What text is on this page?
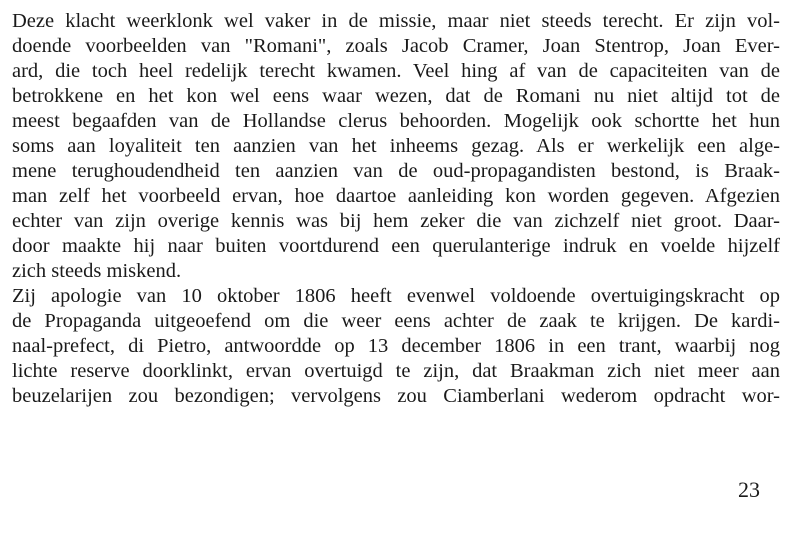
Deze klacht weerklonk wel vaker in de missie, maar niet steeds terecht. Er zijn vol-
doende voorbeelden van "Romani", zoals Jacob Cramer, Joan Stentrop, Joan Ever-
ard, die toch heel redelijk terecht kwamen. Veel hing af van de capaciteiten van de
betrokkene en het kon wel eens waar wezen, dat de Romani nu niet altijd tot de
meest begaafden van de Hollandse clerus behoorden. Mogelijk ook schortte het hun
soms aan loyaliteit ten aanzien van het inheems gezag. Als er werkelijk een alge-
mene terughoudendheid ten aanzien van de oud-propagandisten bestond, is Braak-
man zelf het voorbeeld ervan, hoe daartoe aanleiding kon worden gegeven. Afgezien
echter van zijn overige kennis was bij hem zeker die van zichzelf niet groot. Daar-
door maakte hij naar buiten voortdurend een querulanterige indruk en voelde hijzelf
zich steeds miskend.
Zij apologie van 10 oktober 1806 heeft evenwel voldoende overtuigingskracht op
de Propaganda uitgeoefend om die weer eens achter de zaak te krijgen. De kardi-
naal-prefect, di Pietro, antwoordde op 13 december 1806 in een trant, waarbij nog
lichte reserve doorklinkt, ervan overtuigd te zijn, dat Braakman zich niet meer aan
beuzelarijen zou bezondigen; vervolgens zou Ciamberlani wederom opdracht wor-
23
